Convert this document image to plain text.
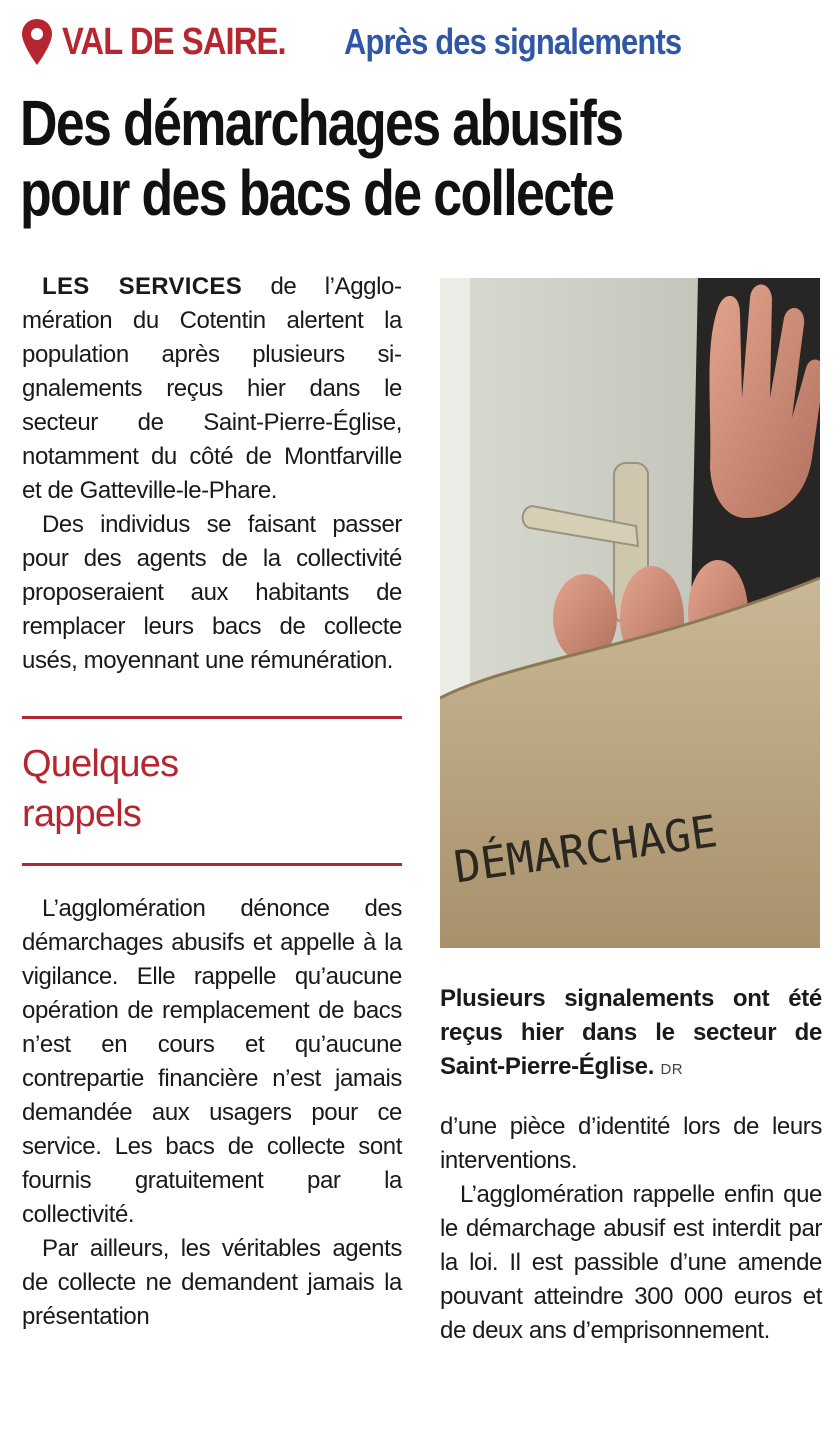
VAL DE SAIRE. Après des signalements
Des démarchages abusifs
pour des bacs de collecte

LES SERVICES de l’Agglomération du Cotentin alertent la population après plusieurs signalements reçus hier dans le secteur de Saint-Pierre-Église, notamment du côté de Montfarville et de Gatteville-le-Phare.

Des individus se faisant passer pour des agents de la collectivité proposeraient aux habitants de remplacer leurs bacs de collecte usés, moyennant une rémunération.

Quelques rappels

L’agglomération dénonce des démarchages abusifs et appelle à la vigilance. Elle rappelle qu’aucune opération de remplacement de bacs n’est en cours et qu’aucune contrepartie financière n’est jamais demandée aux usagers pour ce service. Les bacs de collecte sont fournis gratuitement par la collectivité.

Par ailleurs, les véritables agents de collecte ne demandent jamais la présentation

DÉMARCHAGE

Plusieurs signalements ont été reçus hier dans le secteur de Saint-Pierre-Église. DR

d’une pièce d’identité lors de leurs interventions.

L’agglomération rappelle enfin que le démarchage abusif est interdit par la loi. Il est passible d’une amende pouvant atteindre 300 000 euros et de deux ans d’emprisonnement.
